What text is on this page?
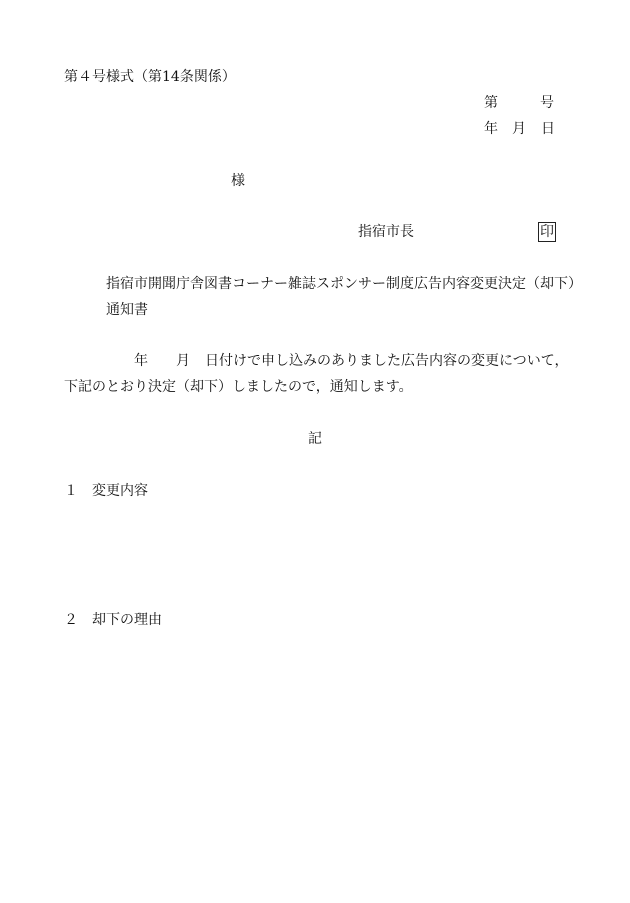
第４号様式（第14条関係）
第	号
年 月 日
様
指宿市長	印
指宿市開聞庁舎図書コーナー雑誌スポンサー制度広告内容変更決定（却下）
通知書
年 月 日付けで申し込みのありました広告内容の変更について，
下記のとおり決定（却下）しましたので，通知します。
記
１ 変更内容
２ 却下の理由
